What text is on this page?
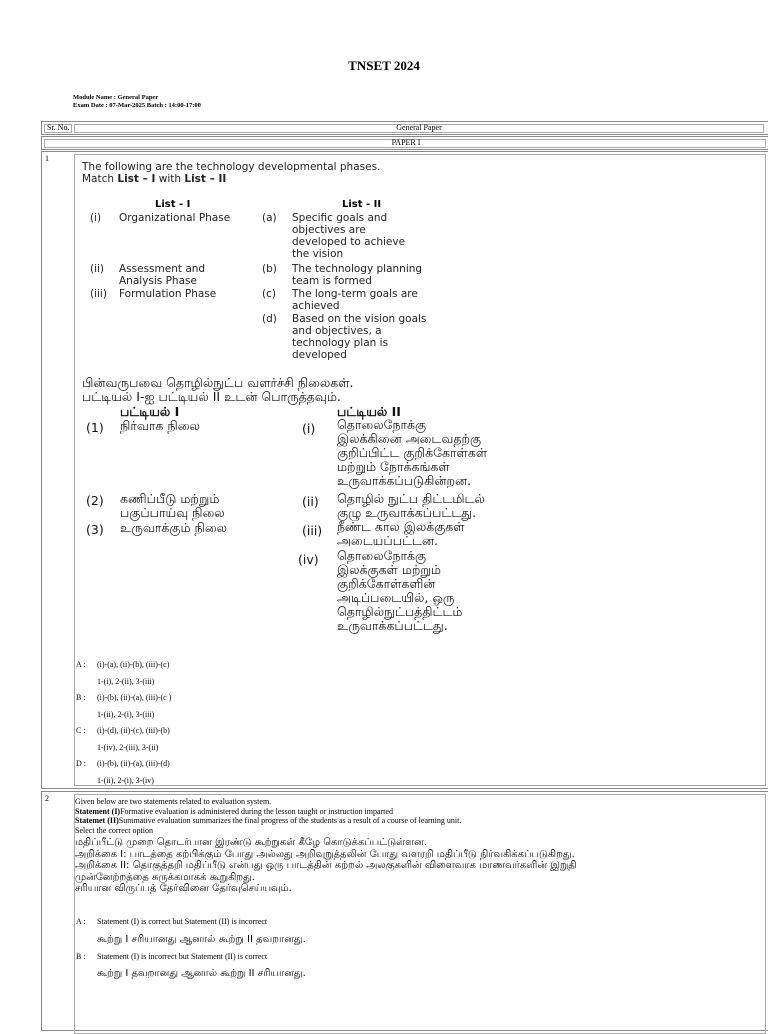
TNSET 2024
Module Name : General Paper
Exam Date : 07-Mar-2025 Batch : 14:00-17:00
Sr. No.	General Paper
PAPER I
1
The following are the technology developmental phases.
Match List – I with List – II
List - I	List - II
(i) Organizational Phase
(ii) Assessment and
Analysis Phase
(iii) Formulation Phase
(a) Specific goals and
objectives are
developed to achieve
the vision
(b) The technology planning
team is formed
(c) The long-term goals are
achieved
(d) Based on the vision goals
and objectives, a
technology plan is
developed
பின்வருபவை தொழில்நுட்ப வளர்ச்சி நிலைகள்.
பட்டியல் I-ஐ பட்டியல் II உடன் பொருத்தவும்.
பட்டியல் I	பட்டியல் II
(1) நிர்வாக நிலை
(2) கணிப்பீடு மற்றும்
பகுப்பாய்வு நிலை
(3) உருவாக்கும் நிலை
(i) தொலைநோக்கு
இலக்கினை அடைவதற்கு
குறிப்பிட்ட குறிக்கோள்கள்
மற்றும் நோக்கங்கள்
உருவாக்கப்படுகின்றன.
(ii) தொழில் நுட்ப திட்டமிடல்
குழு உருவாக்கப்பட்டது.
(iii) நீண்ட கால இலக்குகள்
அடையப்பட்டன.
(iv) தொலைநோக்கு
இலக்குகள் மற்றும்
குறிக்கோள்களின்
அடிப்படையில், ஒரு
தொழில்நுட்பத்திட்டம்
உருவாக்கப்பட்டது.
A : (i)-(a), (ii)-(b), (iii)-(c)
1-(i), 2-(ii), 3-(iii)
B : (i)-(b), (ii)-(a), (iii)-(c )
1-(ii), 2-(i), 3-(iii)
C : (i)-(d), (ii)-(c), (iii)-(b)
1-(iv), 2-(iii), 3-(ii)
D : (i)-(b), (ii)-(a), (iii)-(d)
1-(ii), 2-(i), 3-(iv)
2	Given below are two statements related to evaluation system.
Statement (I)Formative evaluation is administered during the lesson taught or instruction imparted
Statemet (II)Summative evaluation summarizes the final progress of the students as a result of a course of learning unit.
Select the correct option
மதிப்பீட்டு முறை தொடர்பான இரண்டு கூற்றுகள் கீழே கொடுக்கப்பட்டுள்ளன.
அறிக்கை I: பாடத்தை கற்பிக்கும் போது அல்லது அறிவுறுத்தலின் போது வளரறி மதிப்பீடு நிர்வகிக்கப்படுகிறது.
அறிக்கை II: தொகுத்தறி மதிப்பீடு என்பது ஒரு பாடத்தின் கற்றல் அலகுகளின் விளைவாக மாணவர்களின் இறுதி
முன்னேற்றத்தை சுருக்கமாகக் கூறுகிறது.
சரியான விருப்பத் தேர்வினை தேர்வுசெய்யவும்.
A : Statement (I) is correct but Statement (II) is incorrect
கூற்று I சரியானது ஆனால் கூற்று II தவறானது.
B : Statement (I) is incorrect but Statement (II) is correct
கூற்று I தவறானது ஆனால் கூற்று II சரியானது.
